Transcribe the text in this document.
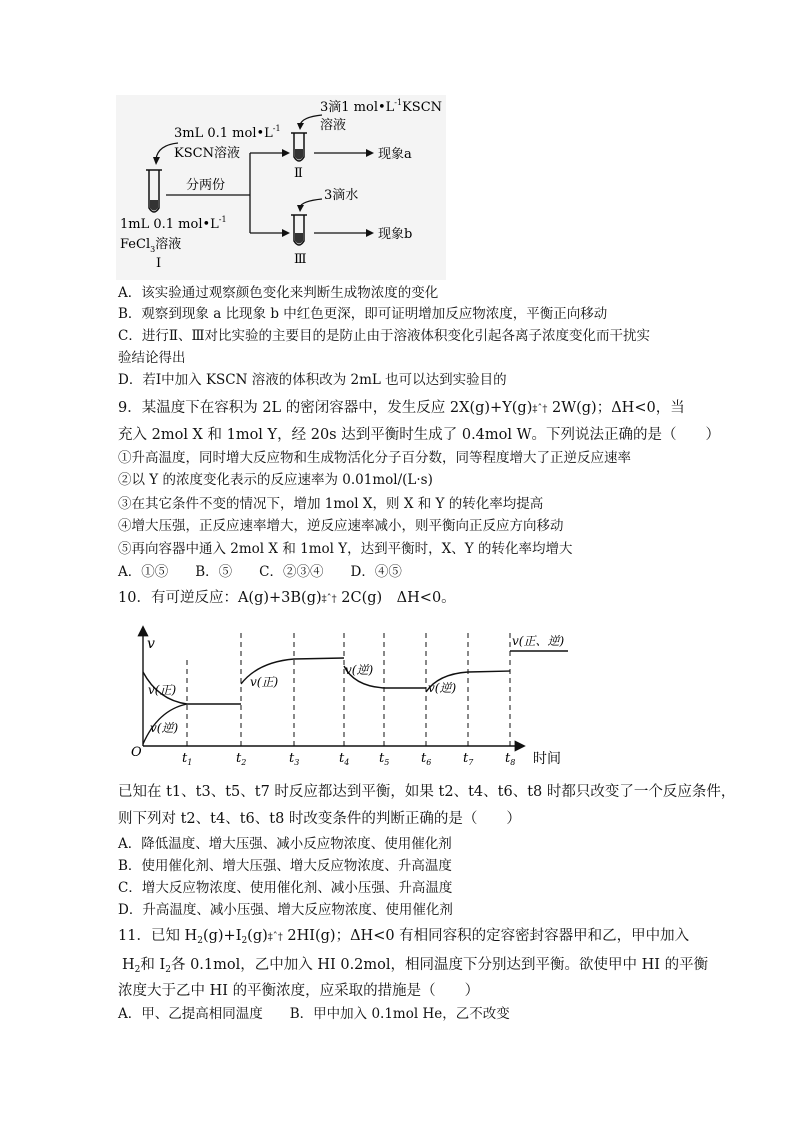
3mL 0.1 $mol•L^{-1}$
KSCN溶液
分两份
1mL 0.1 $mol•L^{-1}$
FeCl$_3$溶液
Ⅰ
3滴1 $mol•L^{-1}KSCN$
溶液
Ⅱ
3滴水
Ⅲ
现象a
现象b
A．该实验通过观察颜色变化来判断生成物浓度的变化
B．观察到现象 a 比现象 b 中红色更深，即可证明增加反应物浓度，平衡正向移动
C．进行Ⅱ、Ⅲ对比实验的主要目的是防止由于溶液体积变化引起各离子浓度变化而干扰实
验结论得出
D．若Ⅰ中加入 KSCN 溶液的体积改为 2mL 也可以达到实验目的
9．某温度下在容积为 2L 的密闭容器中，发生反应 2X(g)+Y(g)‡ˆ† 2W(g)；ΔH<0，当
充入 2mol X 和 1mol Y，经 20s 达到平衡时生成了 0.4mol W。下列说法正确的是（　　）
①升高温度，同时增大反应物和生成物活化分子百分数，同等程度增大了正逆反应速率
②以 Y 的浓度变化表示的反应速率为 0.01mol/(L·s)
③在其它条件不变的情况下，增加 1mol X，则 X 和 Y 的转化率均提高
④增大压强，正反应速率增大，逆反应速率减小，则平衡向正反应方向移动
⑤再向容器中通入 2mol X 和 1mol Y，达到平衡时，X、Y 的转化率均增大
A．①⑤　　B．⑤　　C．②③④　　D．④⑤
10．有可逆反应：A(g)+3B(g)‡ˆ† 2C(g)　ΔH<0。
v
O	时间
v(正)
v(逆)
v(正)
v(逆)
v(逆)
v(正、逆)
$t_1$	$t_2$	$t_3$	$t_4$ $t_5$ $t_6$ $t_7$ $t_8$
已知在 t1、t3、t5、t7 时反应都达到平衡，如果 t2、t4、t6、t8 时都只改变了一个反应条件，
则下列对 t2、t4、t6、t8 时改变条件的判断正确的是（　　）
A．降低温度、增大压强、减小反应物浓度、使用催化剂
B．使用催化剂、增大压强、增大反应物浓度、升高温度
C．增大反应物浓度、使用催化剂、减小压强、升高温度
D．升高温度、减小压强、增大反应物浓度、使用催化剂
11．已知 $H_2(g)+I_2(g)\ddagger ˆ\dagger$ 2HI(g)；ΔH<0 有相同容积的定容密封容器甲和乙，甲中加入
$H_2$和 $I_2$各 0.1mol，乙中加入 HI 0.2mol，相同温度下分别达到平衡。欲使甲中 HI 的平衡
浓度大于乙中 HI 的平衡浓度，应采取的措施是（　　）
A．甲、乙提高相同温度　　B．甲中加入 0.1mol He，乙不改变
